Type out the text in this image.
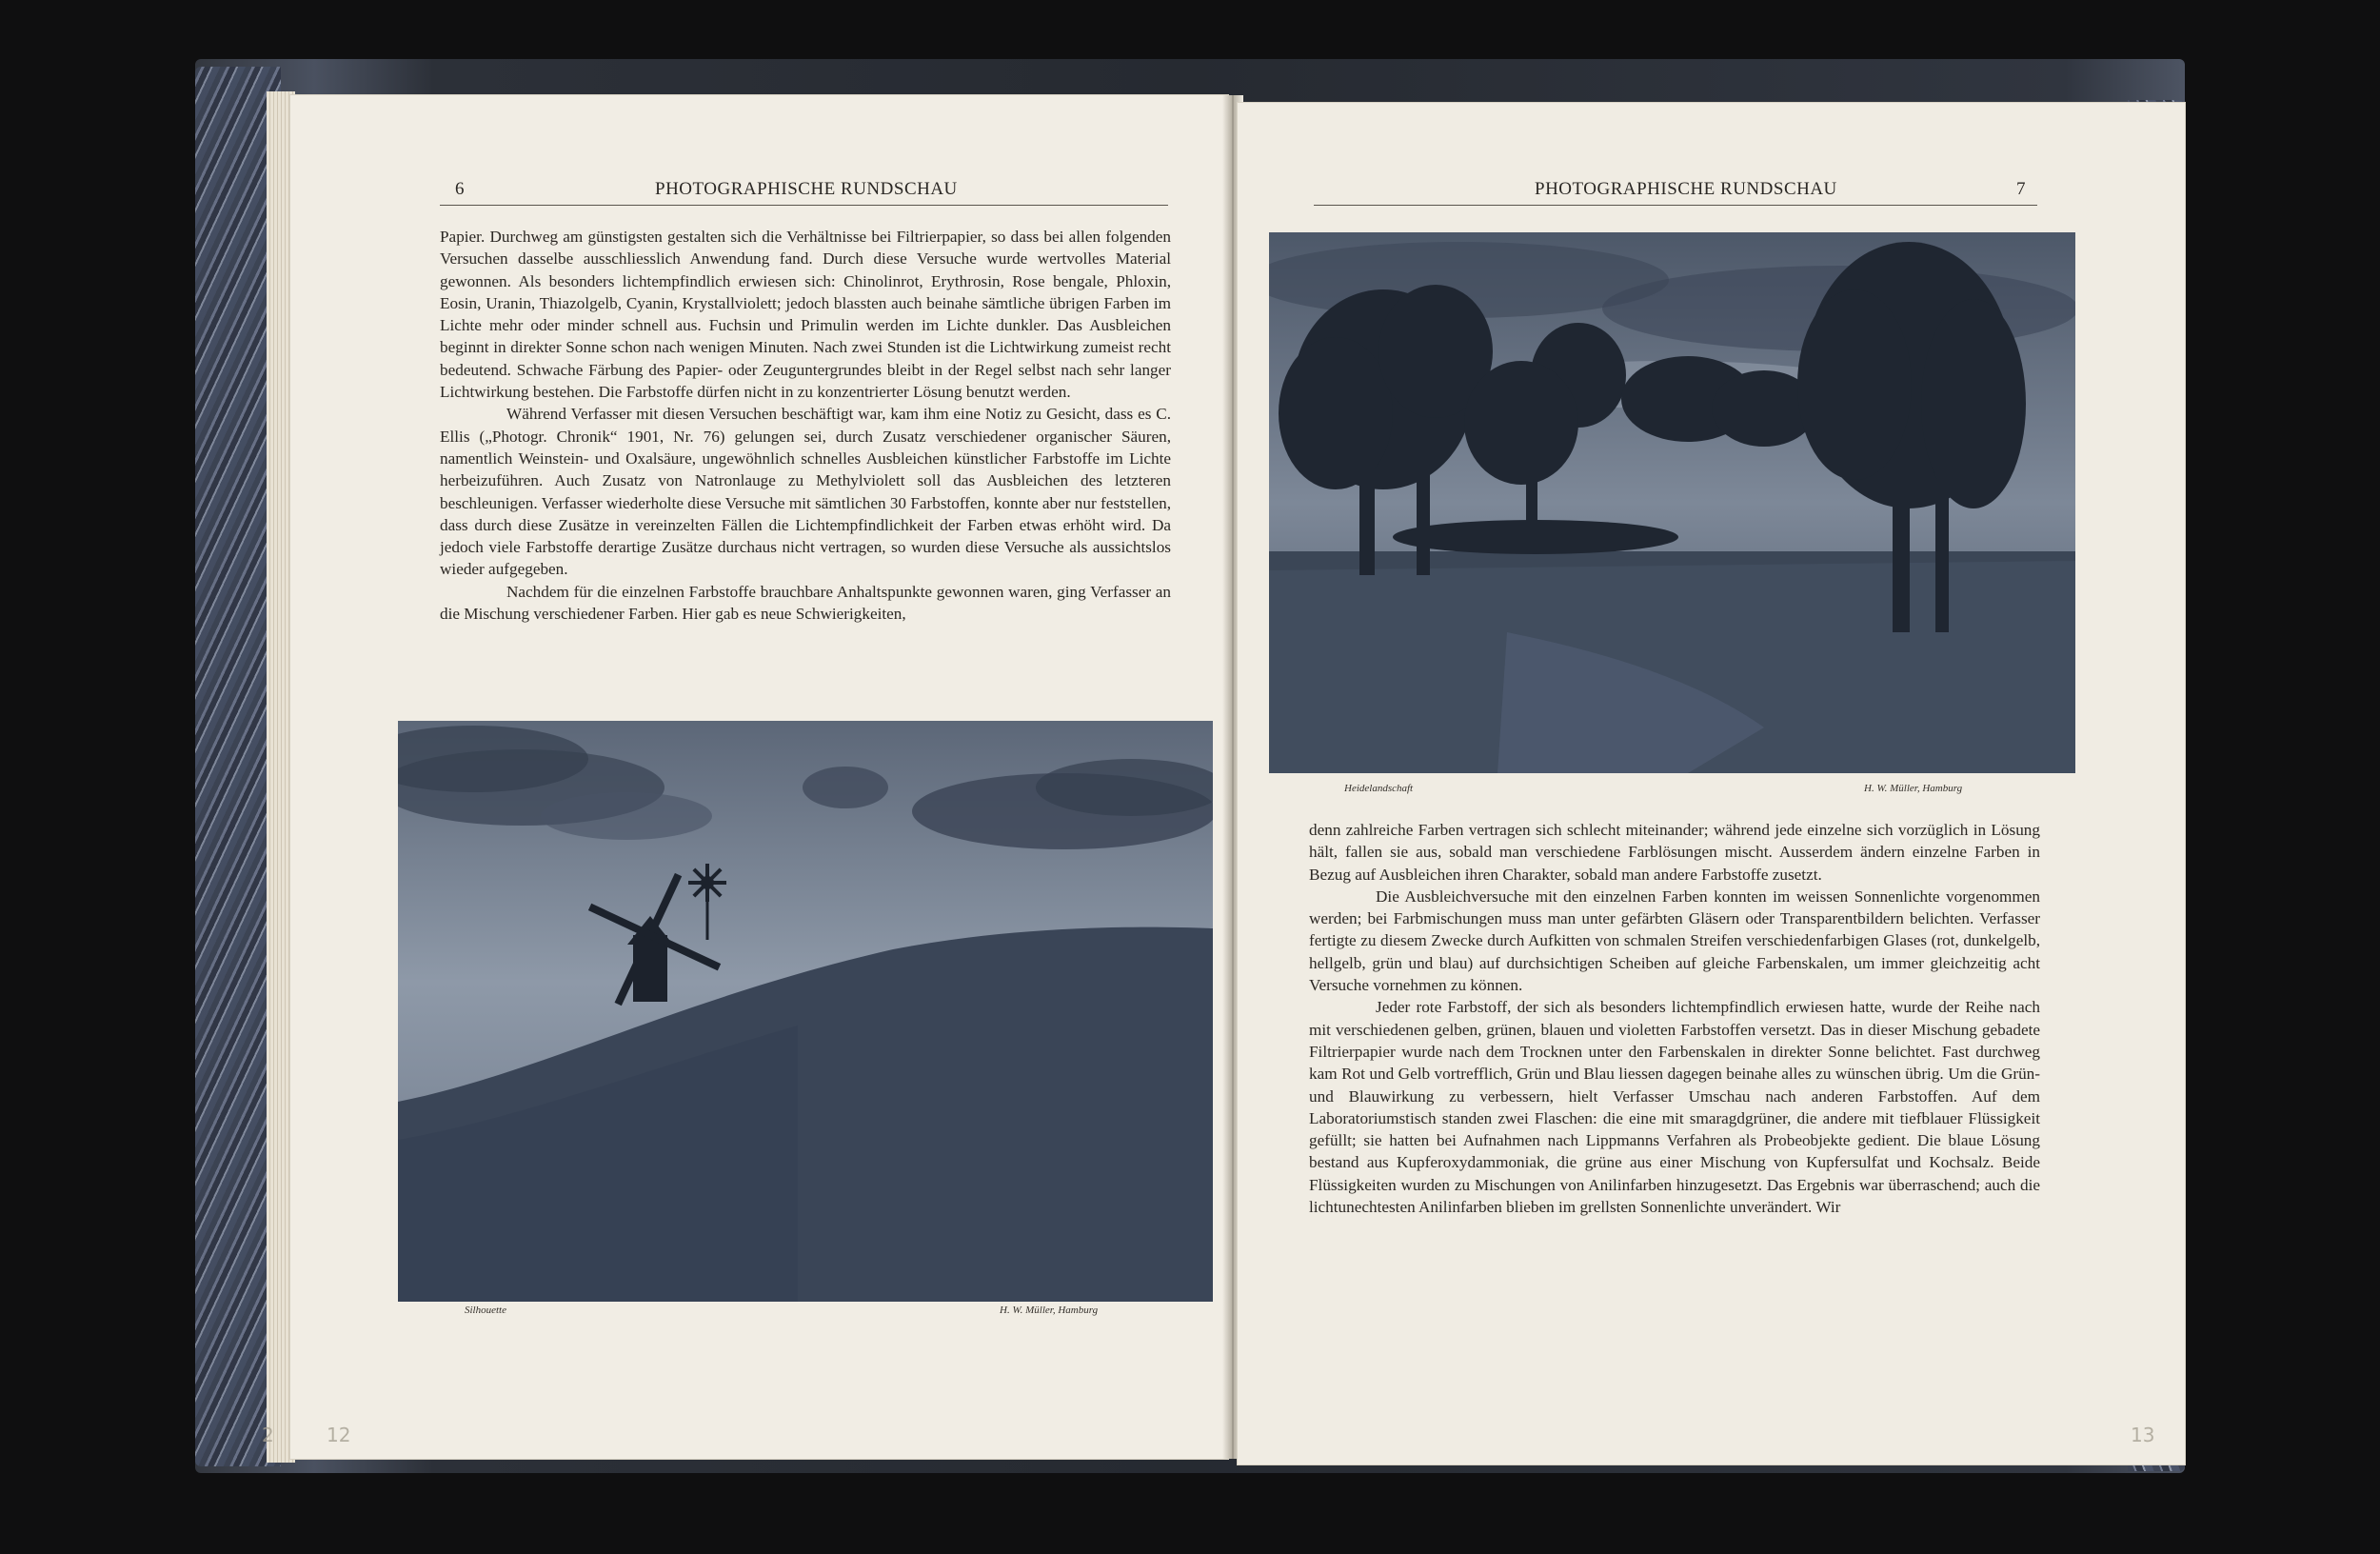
6	PHOTOGRAPHISCHE RUNDSCHAU

Papier. Durchweg am günstigsten gestalten sich die Verhältnisse bei Filtrierpapier, so dass bei allen folgenden Versuchen dasselbe ausschliesslich Anwendung fand. Durch diese Versuche wurde wertvolles Material gewonnen. Als besonders lichtempfindlich erwiesen sich: Chinolinrot, Erythrosin, Rose bengale, Phloxin, Eosin, Uranin, Thiazolgelb, Cyanin, Krystallviolett; jedoch blassten auch beinahe sämtliche übrigen Farben im Lichte mehr oder minder schnell aus. Fuchsin und Primulin werden im Lichte dunkler. Das Ausbleichen beginnt in direkter Sonne schon nach wenigen Minuten. Nach zwei Stunden ist die Lichtwirkung zumeist recht bedeutend. Schwache Färbung des Papier- oder Zeuguntergrundes bleibt in der Regel selbst nach sehr langer Lichtwirkung bestehen. Die Farbstoffe dürfen nicht in zu konzentrierter Lösung benutzt werden.

Während Verfasser mit diesen Versuchen beschäftigt war, kam ihm eine Notiz zu Gesicht, dass es C. Ellis („Photogr. Chronik“ 1901, Nr. 76) gelungen sei, durch Zusatz verschiedener organischer Säuren, namentlich Weinstein- und Oxalsäure, ungewöhnlich schnelles Ausbleichen künstlicher Farbstoffe im Lichte herbeizuführen. Auch Zusatz von Natronlauge zu Methylviolett soll das Ausbleichen des letzteren beschleunigen. Verfasser wiederholte diese Versuche mit sämtlichen 30 Farbstoffen, konnte aber nur feststellen, dass durch diese Zusätze in vereinzelten Fällen die Lichtempfindlichkeit der Farben etwas erhöht wird. Da jedoch viele Farbstoffe derartige Zusätze durchaus nicht vertragen, so wurden diese Versuche als aussichtslos wieder aufgegeben.

Nachdem für die einzelnen Farbstoffe brauchbare Anhaltspunkte gewonnen waren, ging Verfasser an die Mischung verschiedener Farben. Hier gab es neue Schwierigkeiten,

Silhouette	H. W. Müller, Hamburg
2	12
PHOTOGRAPHISCHE RUNDSCHAU	7
Heidelandschaft	H. W. Müller, Hamburg

denn zahlreiche Farben vertragen sich schlecht miteinander; während jede einzelne sich vorzüglich in Lösung hält, fallen sie aus, sobald man verschiedene Farblösungen mischt. Ausserdem ändern einzelne Farben in Bezug auf Ausbleichen ihren Charakter, sobald man andere Farbstoffe zusetzt.

Die Ausbleichversuche mit den einzelnen Farben konnten im weissen Sonnenlichte vorgenommen werden; bei Farbmischungen muss man unter gefärbten Gläsern oder Transparentbildern belichten. Verfasser fertigte zu diesem Zwecke durch Aufkitten von schmalen Streifen verschiedenfarbigen Glases (rot, dunkelgelb, hellgelb, grün und blau) auf durchsichtigen Scheiben auf gleiche Farbenskalen, um immer gleichzeitig acht Versuche vornehmen zu können.

Jeder rote Farbstoff, der sich als besonders lichtempfindlich erwiesen hatte, wurde der Reihe nach mit verschiedenen gelben, grünen, blauen und violetten Farbstoffen versetzt. Das in dieser Mischung gebadete Filtrierpapier wurde nach dem Trocknen unter den Farbenskalen in direkter Sonne belichtet. Fast durchweg kam Rot und Gelb vortrefflich, Grün und Blau liessen dagegen beinahe alles zu wünschen übrig. Um die Grün- und Blauwirkung zu verbessern, hielt Verfasser Umschau nach anderen Farbstoffen. Auf dem Laboratoriumstisch standen zwei Flaschen: die eine mit smaragdgrüner, die andere mit tiefblauer Flüssigkeit gefüllt; sie hatten bei Aufnahmen nach Lippmanns Verfahren als Probeobjekte gedient. Die blaue Lösung bestand aus Kupferoxydammoniak, die grüne aus einer Mischung von Kupfersulfat und Kochsalz. Beide Flüssigkeiten wurden zu Mischungen von Anilinfarben hinzugesetzt. Das Ergebnis war überraschend; auch die lichtunechtesten Anilinfarben blieben im grellsten Sonnenlichte unverändert. Wir

13
